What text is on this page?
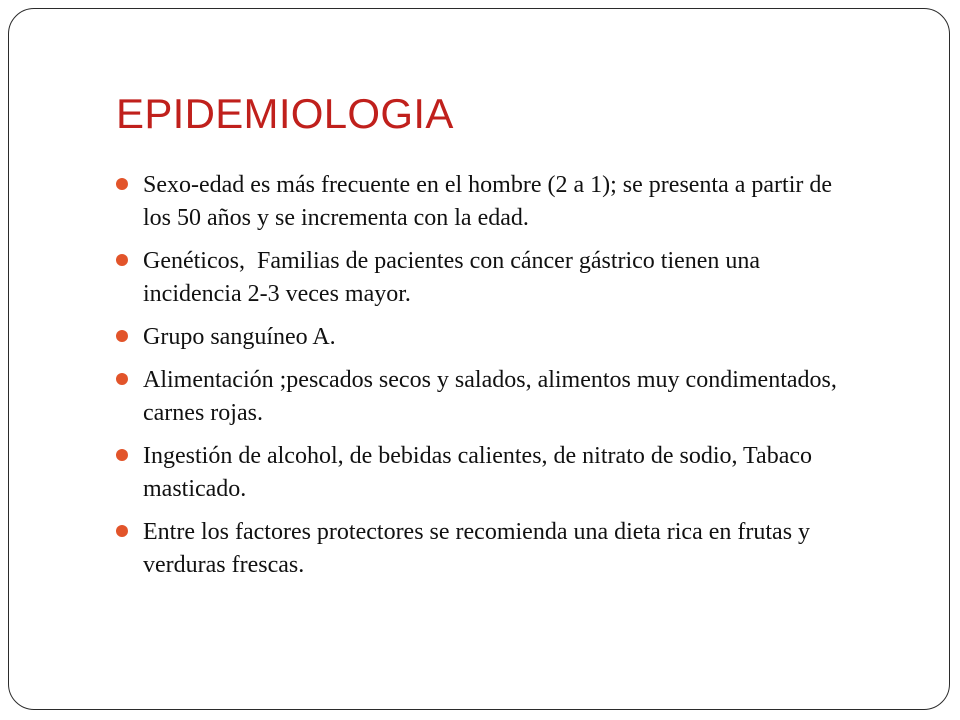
EPIDEMIOLOGIA
Sexo-edad es más frecuente en el hombre (2 a 1); se presenta a partir de los 50 años y se incrementa con la edad.
Genéticos,  Familias de pacientes con cáncer gástrico tienen una incidencia 2-3 veces mayor.
Grupo sanguíneo A.
Alimentación ;pescados secos y salados, alimentos muy condimentados, carnes rojas.
Ingestión de alcohol, de bebidas calientes, de nitrato de sodio, Tabaco masticado.
Entre los factores protectores se recomienda una dieta rica en frutas y verduras frescas.
